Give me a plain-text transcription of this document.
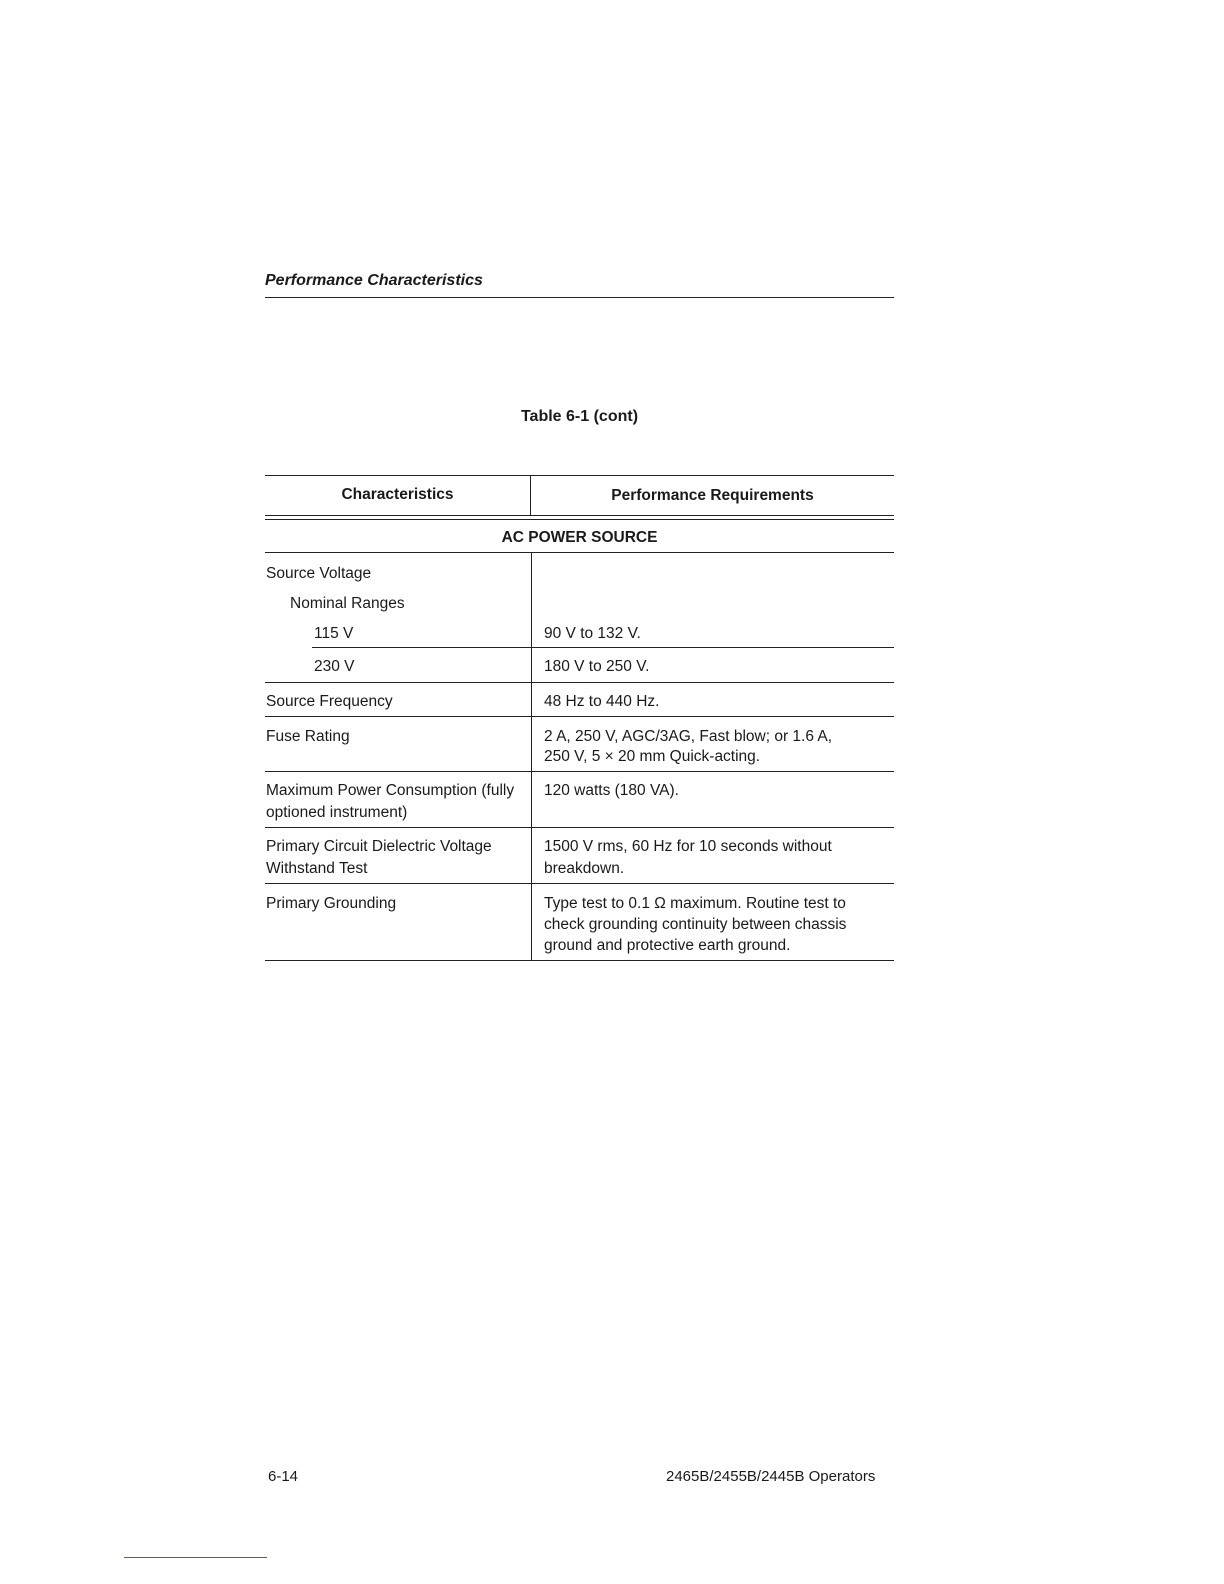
Performance Characteristics
Table 6-1 (cont)
Characteristics	Performance Requirements
AC POWER SOURCE
Source Voltage
Nominal Ranges
115 V
230 V
Source Frequency
Fuse Rating
Maximum Power Consumption (fully
optioned instrument)
Primary Circuit Dielectric Voltage
Withstand Test
Primary Grounding
90 V to 132 V.
180 V to 250 V.
48 Hz to 440 Hz.
2 A, 250 V, AGC/3AG, Fast blow; or 1.6 A,
250 V, 5 × 20 mm Quick-acting.
120 watts (180 VA).
1500 V rms, 60 Hz for 10 seconds without
breakdown.
Type test to 0.1 Ω maximum. Routine test to
check grounding continuity between chassis
ground and protective earth ground.
6-14	2465B/2455B/2445B Operators
